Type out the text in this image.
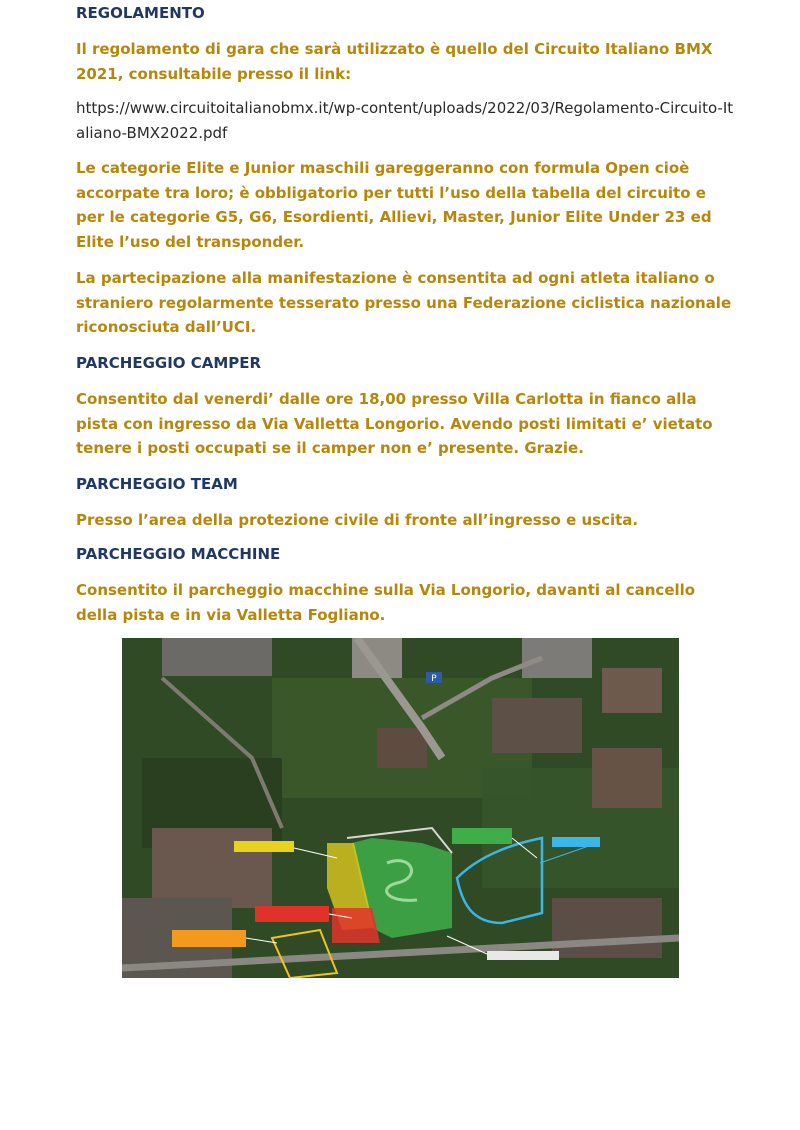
REGOLAMENTO
Il regolamento di gara che sarà utilizzato è quello del Circuito Italiano BMX 2021, consultabile presso il link:
https://www.circuitoitalianobmx.it/wp-content/uploads/2022/03/Regolamento-Circuito-Italiano-BMX2022.pdf
Le categorie Elite e Junior maschili gareggeranno con formula Open cioè accorpate tra loro; è obbligatorio per tutti l’uso della tabella del circuito e per le categorie G5, G6, Esordienti, Allievi, Master, Junior Elite Under 23 ed Elite l’uso del transponder.
La partecipazione alla manifestazione è consentita ad ogni atleta italiano o straniero regolarmente tesserato presso una Federazione ciclistica nazionale riconosciuta dall’UCI.
PARCHEGGIO CAMPER
Consentito dal venerdi’ dalle ore 18,00 presso Villa Carlotta in fianco alla pista con ingresso da Via Valletta Longorio. Avendo posti limitati e’ vietato tenere i posti occupati se il camper non e’ presente. Grazie.
PARCHEGGIO TEAM
Presso l’area della protezione civile di fronte all’ingresso e uscita.
PARCHEGGIO MACCHINE
Consentito il parcheggio macchine sulla Via Longorio, davanti al cancello della pista e in via Valletta Fogliano.
P
